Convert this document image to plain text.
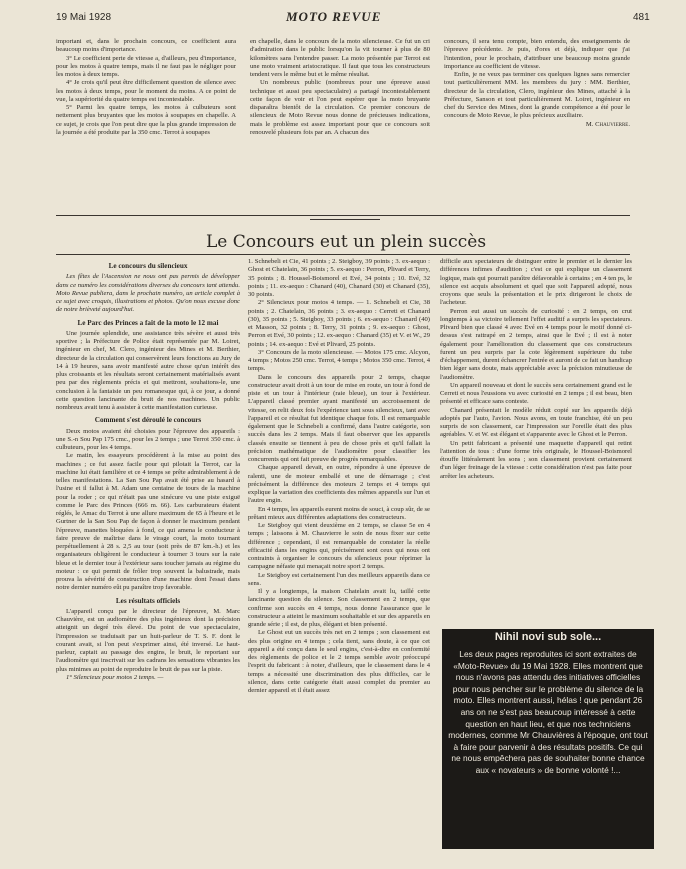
19 Mai 1928	MOTO REVUE	481

importani et, dans le prochain concours, ce coefficient aura beaucoup moins d'importance.

3° Le coefficient perte de vitesse a, d'ailleurs, peu d'importance, pour les motos à quatre temps, mais il ne faut pas le négliger pour les motos à deux temps.

4° Je crois qu'il peut être difficilement question de silence avec les motos à deux temps, pour le moment du moins. A ce point de vue, la supériorité du quatre temps est incontestable.

5° Parmi les quatre temps, les motos à culbuteurs sont nettement plus bruyantes que les motos à soupapes en chapelle. A ce sujet, je crois que l'on peut dire que la plus grande impression de la journée a été produite par la 350 cmc. Terrot à soupapes

en chapelle, dans le concours de la moto silencieuse. Ce fut un cri d'admiration dans le public lorsqu'on la vit tourner à plus de 80 kilomètres sans l'entendre passer. La moto présentée par Terrot est une moto vraiment aristocratique. Il faut que tous les constructeurs tendent vers le même but et le même résultat.

Un nombreux public (nombreux pour une épreuve aussi technique et aussi peu spectaculaire) a partagé incontestablement cette façon de voir et l'on peut espérer que la moto bruyante disparaîtra bientôt de la circulation. Ce premier concours de silencieux de Moto Revue nous donne de précieuses indications, mais le problème est assez important pour que ce concours soit renouvelé plusieurs fois par an. A chacun des

concours, il sera tenu compte, bien entendu, des enseignements de l'épreuve précédente. Je puis, d'ores et déjà, indiquer que j'ai l'intention, pour le prochain, d'attribuer une beaucoup moins grande importance au coefficient de vitesse.

Enfin, je ne veux pas terminer ces quelques lignes sans remercier tout particulièrement MM. les membres du jury : MM. Berthier, directeur de la circulation, Clero, ingénieur des Mines, attaché à la Préfecture, Sanson et tout particulièrement M. Loiret, ingénieur en chef du Service des Mines, dont la grande compétence a été pour le concours de Moto Revue, le plus précieux auxiliaire.

M. Chauvierre.

Le Concours eut un plein succès
Le concours du silencieux

Les fêtes de l'Ascension ne nous ont pas permis de développer dans ce numéro les considérations diverses du concours tant attendu. Moto Revue publiera, dans le prochain numéro, un article complet à ce sujet avec croquis, illustrations et photos. Qu'on nous excuse donc de notre brièveté aujourd'hui.

Le Parc des Princes a fait de la moto le 12 mai

Une journée splendide, une assistance très sévère et aussi très sportive ; la Préfecture de Police était représentée par M. Loiret, ingénieur en chef, M. Clero, ingénieur des Mines et M. Berthier, directeur de la circulation qui conservèrent leurs fonctions au Jury de 14 à 19 heures, sans avoir manifesté autre chose qu'un intérêt des plus croissants et les résultats seront certainement matérialisés avant peu par des règlements précis et qui mettront, souhaitons-le, une conclusion à la fantaisie un peu romanesque qui, à ce jour, a donné cette question lancinante du bruit de nos machines. Un public nombreux avait tenu à assister à cette manifestation curieuse.

Comment s'est déroulé le concours

Deux motos avaient été choisies pour l'épreuve des appareils : une S.-n Sou Pap 175 cmc., pour les 2 temps ; une Terrot 350 cmc. à culbuteurs, pour les 4 temps.

Le matin, les essayeurs procédèrent à la mise au point des machines ; ce fut assez facile pour qui pilotait la Terrot, car la machine lui était familière et ce 4 temps se prête admirablement à de telles manifestations. La San Sou Pap avait été prise au hasard à l'usine et il fallut à M. Adam une centaine de tours de la machine pour la roder ; ce qui n'était pas une sinécure vu une piste exiguë comme le Parc des Princes (666 m. 66). Les carburateurs étaient réglés, le Amac du Terrot à une allure maximum de 65 à l'heure et le Gurtner de la San Sou Pap de façon à donner le maximum pendant l'épreuve, manettes bloquées à fond, ce qui amena le conducteur à faire preuve de maîtrise dans le virage court, la moto tournant perpétuellement à 28 s. 2,5 au tour (soit près de 87 km.-h.) et les organisateurs obligèrent le conducteur à tourner 3 tours sur la raie bleue et le dernier tour à l'extérieur sans toucher jamais au régime du moteur : ce qui permit de frôler trop souvent la balustrade, mais prouva la sévérité de construction d'une machine dont l'essai dans notre dernier numéro eût pu paraître trop favorable.

Les résultats officiels

L'appareil conçu par le directeur de l'épreuve, M. Marc Chauvière, est un audiomètre des plus ingénieux dont la précision atteignit un degré très élevé. Du point de vue spectaculaire, l'impression se traduisait par un huit-parleur de T. S. F. dont le courant avait, si l'on peut s'exprimer ainsi, été inversé. Le haut-parleur, captait au passage des engins, le bruit, le reportant sur l'audiomètre qui inscrivait sur les cadrans les sensations vibrantes les plus minimes au point de reproduire le bruit de pas sur la piste.

1° Silencieux pour motos 2 temps. —

1. Schnebeli et Cie, 41 points ; 2. Steigboy, 39 points ; 3. ex-aequo : Ghost et Chatelain, 36 points ; 5. ex-aequo : Perron, Plivard et Terry, 35 points ; 8. Houssel-Boismorel et Evé, 34 points ; 10. Evé, 32 points ; 11. ex-aequo : Chanard (40), Chanard (30) et Chanard (35), 30 points.

2° Silencieux pour motos 4 temps. — 1. Schnebeli et Cie, 38 points ; 2. Chatelain, 36 points ; 3. ex-aequo : Cerreti et Chanard (30), 35 points ; 5. Steigboy, 33 points ; 6. ex-aequo : Chanard (40) et Masson, 32 points ; 8. Terry, 31 points ; 9. ex-aequo : Ghost, Perron et Evé, 30 points ; 12. ex-aequo : Chanard (35) et V. et W., 29 points ; 14. ex-aequo : Evé et Plivard, 25 points.

3° Concours de la moto silencieuse. — Motos 175 cmc. Alcyon, 4 temps ; Motos 250 cmc. Terrot, 4 temps ; Motos 350 cmc. Terrot, 4 temps.

Dans le concours des appareils pour 2 temps, chaque constructeur avait droit à un tour de mise en route, un tour à fond de piste et un tour à l'intérieur (raie bleue), un tour à l'extérieur. L'appareil classé premier ayant manifesté un accroissement de vitesse, on relit deux fois l'expérience tant sous silencieux, tant avec l'appareil et ce résultat fut identique chaque fois. Il est remarquable également que le Schnebeli a confirmé, dans l'autre catégorie, son succès dans les 2 temps. Mais il faut observer que les appareils classés ensuite se tiennent à peu de chose près et qu'il fallait la précision mathématique de l'audiomètre pour classifier les concurrents qui ont fait preuve de progrès remarquables.

Chaque appareil devait, en outre, répondre à une épreuve de ralenti, une de moteur emballé et une de démarrage ; c'est précisément la différence des moteurs 2 temps et 4 temps qui explique la variation des coefficients des mêmes appareils sur l'un et l'autre engin.

En 4 temps, les appareils eurent moins de souci, à coup sûr, de se prêtant mieux aux différentes adaptations des constructeurs.

Le Steigboy qui vient deuxième en 2 temps, se classe 5e en 4 temps ; laissons à M. Chauvierre le soin de nous fixer sur cette différence ; cependant, il est remarquable de constater la réelle efficacité dans les engins qui, précisément sont ceux qui nous ont contraints à organiser le concours du silencieux pour réprimer la campagne néfaste qui menaçait notre sport 2 temps.

Le Steigboy est certainement l'un des meilleurs appareils dans ce sens.

Il y a longtemps, la maison Chatelain avait lu, taillé cette lancinante question du silence. Son classement en 2 temps, que confirme son succès en 4 temps, nous donne l'assurance que le constructeur a atteint le maximum souhaitable et sur des appareils en grande série ; il est, de plus, élégant et bien présenté.

Le Ghost eut un succès très net en 2 temps ; son classement est des plus origine en 4 temps ; cela tient, sans doute, à ce que cet appareil a été conçu dans le seul engins, c'est-à-dire en conformité des règlements de police et le 2 temps semble avoir préoccupé l'esprit du fabricant : à noter, d'ailleurs, que le classement dans le 4 temps a nécessité une discrimination des plus difficiles, car le silence, dans cette catégorie était aussi complet du premier au dernier appareil et il était assez

difficile aux spectateurs de distinguer entre le premier et le dernier les différences infimes d'audition ; c'est ce qui explique un classement logique, mais qui pourrait paraître défavorable à certains ; en 4 ten ps, le silence est acquis absolument et quel que soit l'appareil adopté, nous croyons que seuls la présentation et le prix dirigeront le choix de l'acheteur.

Perron eut aussi un succès de curiosité : en 2 temps, on crut longtemps à sa victoire tellement l'effet auditif a surpris les spectateurs. Plivard bien que classé 4 avec Evé en 4 temps pour le motif donné ci-dessus s'est rattrapé en 2 temps, ainsi que le Evé ; il est à noter également pour l'amélioration du classement que ces constructeurs furent un peu surpris par la cote légèrement supérieure du tube d'échappement, durent échancrer l'entrée et auront de ce fait un handicap bien léger sans doute, mais appréciable avec la précision minutieuse de l'audiomètre.

Un appareil nouveau et dont le succès sera certainement grand est le Cerreti et nous l'eussions vu avec curiosité en 2 temps ; il est beau, bien présenté et efficace sans conteste.

Chanard présentait le modèle réduit copié sur les appareils déjà adoptés par l'auto, l'avion. Nous avons, en toute franchise, été un peu surpris de son classement, car l'impression sur l'oreille était des plus agréables. V. et W. est élégant et s'apparente avec le Ghost et le Perron.

Un petit fabricant a présenté une maquette d'appareil qui retint l'attention de tous : d'une forme très originale, le Houssel-Boismorel étouffe littéralement les sons ; son classement provient certainement d'un léger freinage de la vitesse : cette considération n'est pas faite pour arrêter les acheteurs.

Nihil novi sub sole...
Les deux pages reproduites ici sont extraites de «Moto-Revue» du 19 Mai 1928. Elles montrent que nous n'avons pas attendu des initiatives officielles pour nous pencher sur le problème du silence de la moto. Elles montrent aussi, hélas ! que pendant 26 ans on ne s'est pas beaucoup intéressé à cette question en haut lieu, et que nos techniciens modernes, comme Mr Chauvières à l'époque, ont tout à faire pour parvenir à des résultats positifs. Ce qui ne nous empêchera pas de souhaiter bonne chance aux « novateurs » de bonne volonté !...
